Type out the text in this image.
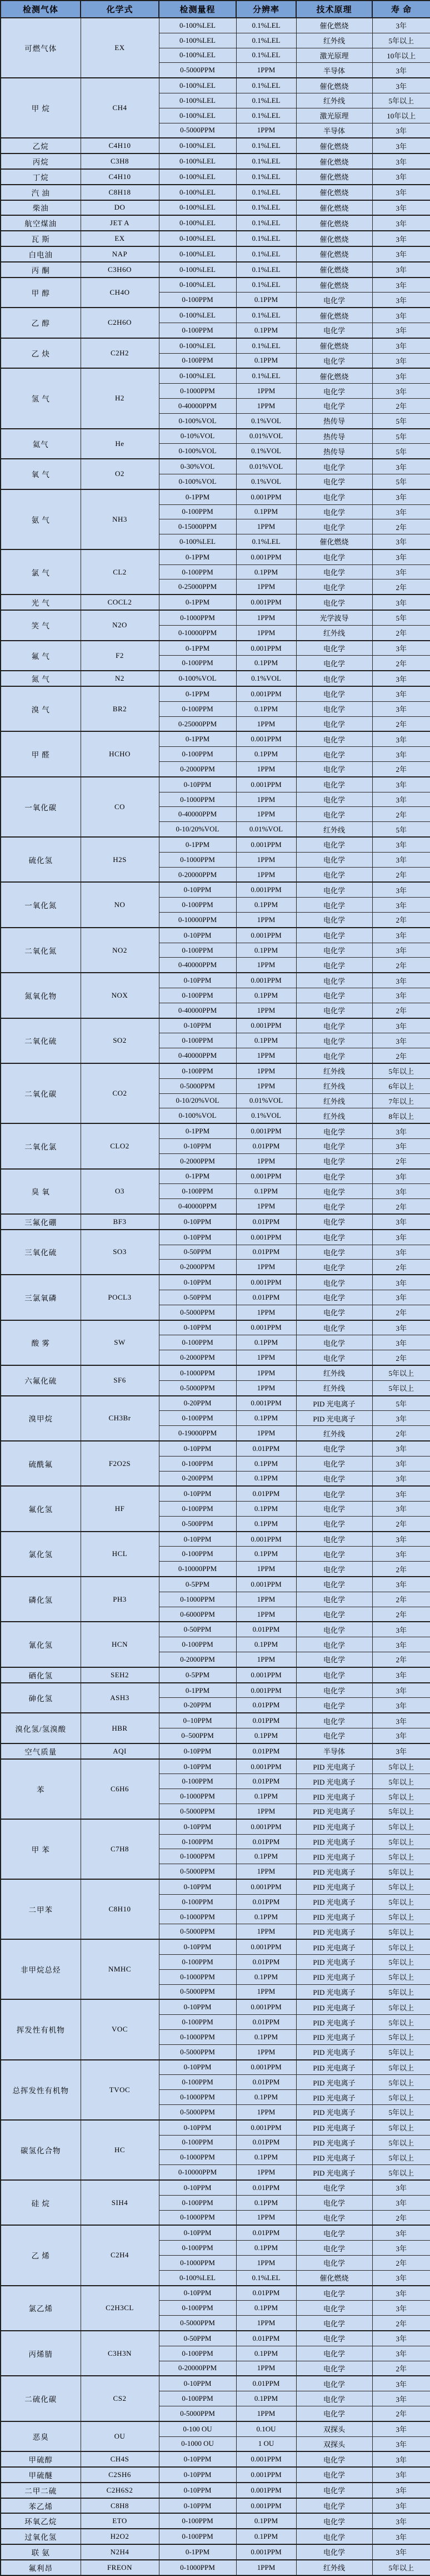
检测气体	化学式	检测量程	分辨率	技术原理	寿 命
可燃气体	EX	0-100%LEL	0.1%LEL	催化燃烧	3年
		0-100%LEL	0.1%LEL	红外线	5年以上
		0-100%LEL	0.1%LEL	激光原理	10年以上
		0-5000PPM	1PPM	半导体	3年
甲 烷	CH4	0-100%LEL	0.1%LEL	催化燃烧	3年
		0-100%LEL	0.1%LEL	红外线	5年以上
		0-100%LEL	0.1%LEL	激光原理	10年以上
		0-5000PPM	1PPM	半导体	3年
乙烷	C4H10	0-100%LEL	0.1%LEL	催化燃烧	3年
丙烷	C3H8	0-100%LEL	0.1%LEL	催化燃烧	3年
丁烷	C4H10	0-100%LEL	0.1%LEL	催化燃烧	3年
汽 油	C8H18	0-100%LEL	0.1%LEL	催化燃烧	3年
柴油	DO	0-100%LEL	0.1%LEL	催化燃烧	3年
航空煤油	JET A	0-100%LEL	0.1%LEL	催化燃烧	3年
瓦 斯	EX	0-100%LEL	0.1%LEL	催化燃烧	3年
白电油	NAP	0-100%LEL	0.1%LEL	催化燃烧	3年
丙 酮	C3H6O	0-100%LEL	0.1%LEL	催化燃烧	3年
甲 醇	CH4O	0-100%LEL	0.1%LEL	催化燃烧	3年
		0-100PPM	0.1PPM	电化学	3年
乙 醇	C2H6O	0-100%LEL	0.1%LEL	催化燃烧	3年
		0-100PPM	0.1PPM	电化学	3年
乙 炔	C2H2	0-100%LEL	0.1%LEL	催化燃烧	3年
		0-100PPM	0.1PPM	电化学	3年
氢 气	H2	0-100%LEL	0.1%LEL	催化燃烧	3年
		0-1000PPM	1PPM	电化学	3年
		0-40000PPM	1PPM	电化学	2年
		0-100%VOL	0.1%VOL	热传导	5年
氦气	He	0-10%VOL	0.01%VOL	热传导	5年
		0-100%VOL	0.1%VOL	热传导	5年
氧 气	O2	0-30%VOL	0.01%VOL	电化学	3年
		0-100%VOL	0.1%VOL	电化学	5年
氨 气	NH3	0-1PPM	0.001PPM	电化学	3年
		0-100PPM	0.1PPM	电化学	3年
		0-15000PPM	1PPM	电化学	2年
		0-100%LEL	0.1%LEL	催化燃烧	3年
氯 气	CL2	0-1PPM	0.001PPM	电化学	3年
		0-100PPM	0.1PPM	电化学	3年
		0-25000PPM	1PPM	电化学	2年
光 气	COCL2	0-1PPM	0.001PPM	电化学	3年
笑 气	N2O	0-1000PPM	1PPM	光学波导	5年
		0-10000PPM	1PPM	红外线	2年
氟 气	F2	0-1PPM	0.001PPM	电化学	3年
		0-100PPM	0.1PPM	电化学	2年
氮 气	N2	0-100%VOL	0.1%VOL	电化学	3年
溴 气	BR2	0-1PPM	0.001PPM	电化学	3年
		0-100PPM	0.1PPM	电化学	3年
		0-25000PPM	1PPM	电化学	2年
甲 醛	HCHO	0-1PPM	0.001PPM	电化学	3年
		0-100PPM	0.1PPM	电化学	3年
		0-2000PPM	1PPM	电化学	2年
一氧化碳	CO	0-10PPM	0.001PPM	电化学	3年
		0-1000PPM	1PPM	电化学	3年
		0-40000PPM	1PPM	电化学	2年
		0-10/20%VOL	0.01%VOL	红外线	5年
硫化氢	H2S	0-1PPM	0.001PPM	电化学	3年
		0-1000PPM	1PPM	电化学	3年
		0-20000PPM	1PPM	电化学	2年
一氧化氮	NO	0-10PPM	0.001PPM	电化学	3年
		0-100PPM	0.1PPM	电化学	3年
		0-10000PPM	1PPM	电化学	2年
二氧化氮	NO2	0-10PPM	0.001PPM	电化学	3年
		0-100PPM	0.1PPM	电化学	3年
		0-40000PPM	1PPM	电化学	2年
氮氧化物	NOX	0-10PPM	0.001PPM	电化学	3年
		0-100PPM	0.1PPM	电化学	3年
		0-40000PPM	1PPM	电化学	2年
二氧化硫	SO2	0-10PPM	0.001PPM	电化学	3年
		0-100PPM	0.1PPM	电化学	3年
		0-40000PPM	1PPM	电化学	2年
二氧化碳	CO2	0-100PPM	1PPM	红外线	5年以上
		0-5000PPM	1PPM	红外线	6年以上
		0-10/20%VOL	0.01%VOL	红外线	7年以上
		0-100%VOL	0.1%VOL	红外线	8年以上
二氧化氯	CLO2	0-1PPM	0.001PPM	电化学	3年
		0-10PPM	0.01PPM	电化学	3年
		0-2000PPM	1PPM	电化学	2年
臭 氧	O3	0-1PPM	0.001PPM	电化学	3年
		0-100PPM	0.1PPM	电化学	3年
		0-40000PPM	1PPM	电化学	2年
三氟化硼	BF3	0-10PPM	0.01PPM	电化学	3年
三氧化硫	SO3	0-10PPM	0.001PPM	电化学	3年
		0-50PPM	0.01PPM	电化学	3年
		0-2000PPM	1PPM	电化学	2年
三氯氧磷	POCL3	0-10PPM	0.001PPM	电化学	3年
		0-50PPM	0.01PPM	电化学	3年
		0-5000PPM	1PPM	电化学	2年
酸 雾	SW	0-10PPM	0.001PPM	电化学	3年
		0-100PPM	0.1PPM	电化学	3年
		0-2000PPM	1PPM	电化学	2年
六氟化硫	SF6	0-1000PPM	1PPM	红外线	5年以上
		0-5000PPM	1PPM	红外线	5年以上
溴甲烷	CH3Br	0-20PPM	0.001PPM	PID 光电离子	5年
		0-100PPM	0.1PPM	PID 光电离子	3年
		0-19000PPM	1PPM	红外线	2年
硫酰氟	F2O2S	0-10PPM	0.01PPM	电化学	3年
		0-100PPM	0.1PPM	电化学	3年
		0-200PPM	0.1PPM	电化学	3年
氟化氢	HF	0-10PPM	0.01PPM	电化学	3年
		0-100PPM	0.1PPM	电化学	3年
		0-500PPM	0.1PPM	电化学	2年
氯化氢	HCL	0-10PPM	0.001PPM	电化学	3年
		0-100PPM	0.1PPM	电化学	3年
		0-10000PPM	1PPM	电化学	2年
磷化氢	PH3	0-5PPM	0.001PPM	电化学	3年
		0-1000PPM	1PPM	电化学	2年
		0-6000PPM	1PPM	电化学	2年
氰化氢	HCN	0-50PPM	0.01PPM	电化学	3年
		0-100PPM	0.1PPM	电化学	3年
		0-2000PPM	1PPM	电化学	2年
硒化氢	SEH2	0-5PPM	0.001PPM	电化学	3年
砷化氢	ASH3	0-1PPM	0.001PPM	电化学	3年
		0-20PPM	0.01PPM	电化学	3年
溴化氢/氢溴酸	HBR	0–10PPM	0.01PPM	电化学	3年
		0–500PPM	0.1PPM	电化学	3年
空气质量	AQI	0-10PPM	0.01PPM	半导体	3年
苯	C6H6	0-10PPM	0.001PPM	PID 光电离子	5年以上
		0-100PPM	0.01PPM	PID 光电离子	5年以上
		0-1000PPM	0.1PPM	PID 光电离子	5年以上
		0-5000PPM	1PPM	PID 光电离子	5年以上
甲 苯	C7H8	0-10PPM	0.001PPM	PID 光电离子	5年以上
		0-100PPM	0.01PPM	PID 光电离子	5年以上
		0-1000PPM	0.1PPM	PID 光电离子	5年以上
		0-5000PPM	1PPM	PID 光电离子	5年以上
二甲苯	C8H10	0-10PPM	0.001PPM	PID 光电离子	5年以上
		0-100PPM	0.01PPM	PID 光电离子	5年以上
		0-1000PPM	0.1PPM	PID 光电离子	5年以上
		0-5000PPM	1PPM	PID 光电离子	5年以上
非甲烷总烃	NMHC	0-10PPM	0.001PPM	PID 光电离子	5年以上
		0-100PPM	0.01PPM	PID 光电离子	5年以上
		0-1000PPM	0.1PPM	PID 光电离子	5年以上
		0-5000PPM	1PPM	PID 光电离子	5年以上
挥发性有机物	VOC	0-10PPM	0.001PPM	PID 光电离子	5年以上
		0-100PPM	0.01PPM	PID 光电离子	5年以上
		0-1000PPM	0.1PPM	PID 光电离子	5年以上
		0-5000PPM	1PPM	PID 光电离子	5年以上
总挥发性有机物	TVOC	0-10PPM	0.001PPM	PID 光电离子	5年以上
		0-100PPM	0.01PPM	PID 光电离子	5年以上
		0-1000PPM	0.1PPM	PID 光电离子	5年以上
		0-5000PPM	1PPM	PID 光电离子	5年以上
碳氢化合物	HC	0-10PPM	0.001PPM	PID 光电离子	5年以上
		0-100PPM	0.01PPM	PID 光电离子	5年以上
		0-1000PPM	0.1PPM	PID 光电离子	5年以上
		0-10000PPM	1PPM	PID 光电离子	5年以上
硅 烷	SIH4	0-10PPM	0.01PPM	电化学	3年
		0-100PPM	0.1PPM	电化学	3年
		0-1000PPM	1PPM	电化学	2年
乙 烯	C2H4	0-10PPM	0.01PPM	电化学	3年
		0-100PPM	0.1PPM	电化学	3年
		0-1000PPM	1PPM	电化学	2年
		0-100%LEL	0.1%LEL	催化燃烧	3年
氯乙烯	C2H3CL	0-10PPM	0.01PPM	电化学	3年
		0-100PPM	0.1PPM	电化学	3年
		0-5000PPM	1PPM	电化学	2年
丙烯腈	C3H3N	0-50PPM	0.01PPM	电化学	3年
		0-100PPM	0.1PPM	电化学	3年
		0-20000PPM	1PPM	电化学	2年
二硫化碳	CS2	0-10PPM	0.01PPM	电化学	3年
		0-100PPM	0.1PPM	电化学	3年
		0-5000PPM	1PPM	电化学	2年
恶臭	OU	0-100 OU	0.1OU	双探头	3年
		0-1000 OU	1 OU	双探头	3年
甲硫醇	CH4S	0-10PPM	0.001PPM	电化学	3年
甲硫醚	C2SH6	0-10PPM	0.001PPM	电化学	3年
二甲二硫	C2H6S2	0-10PPM	0.001PPM	电化学	3年
苯乙烯	C8H8	0-10PPM	0.001PPM	电化学	3年
环氧乙烷	ETO	0-100PPM	0.1PPM	电化学	3年
过氧化氢	H2O2	0-100PPM	0.1PPM	电化学	3年
联 氨	N2H4	0-1PPM	0.001PPM	电化学	3年
氟利昂	FREON	0-1000PPM	1PPM	红外线	5年以上
